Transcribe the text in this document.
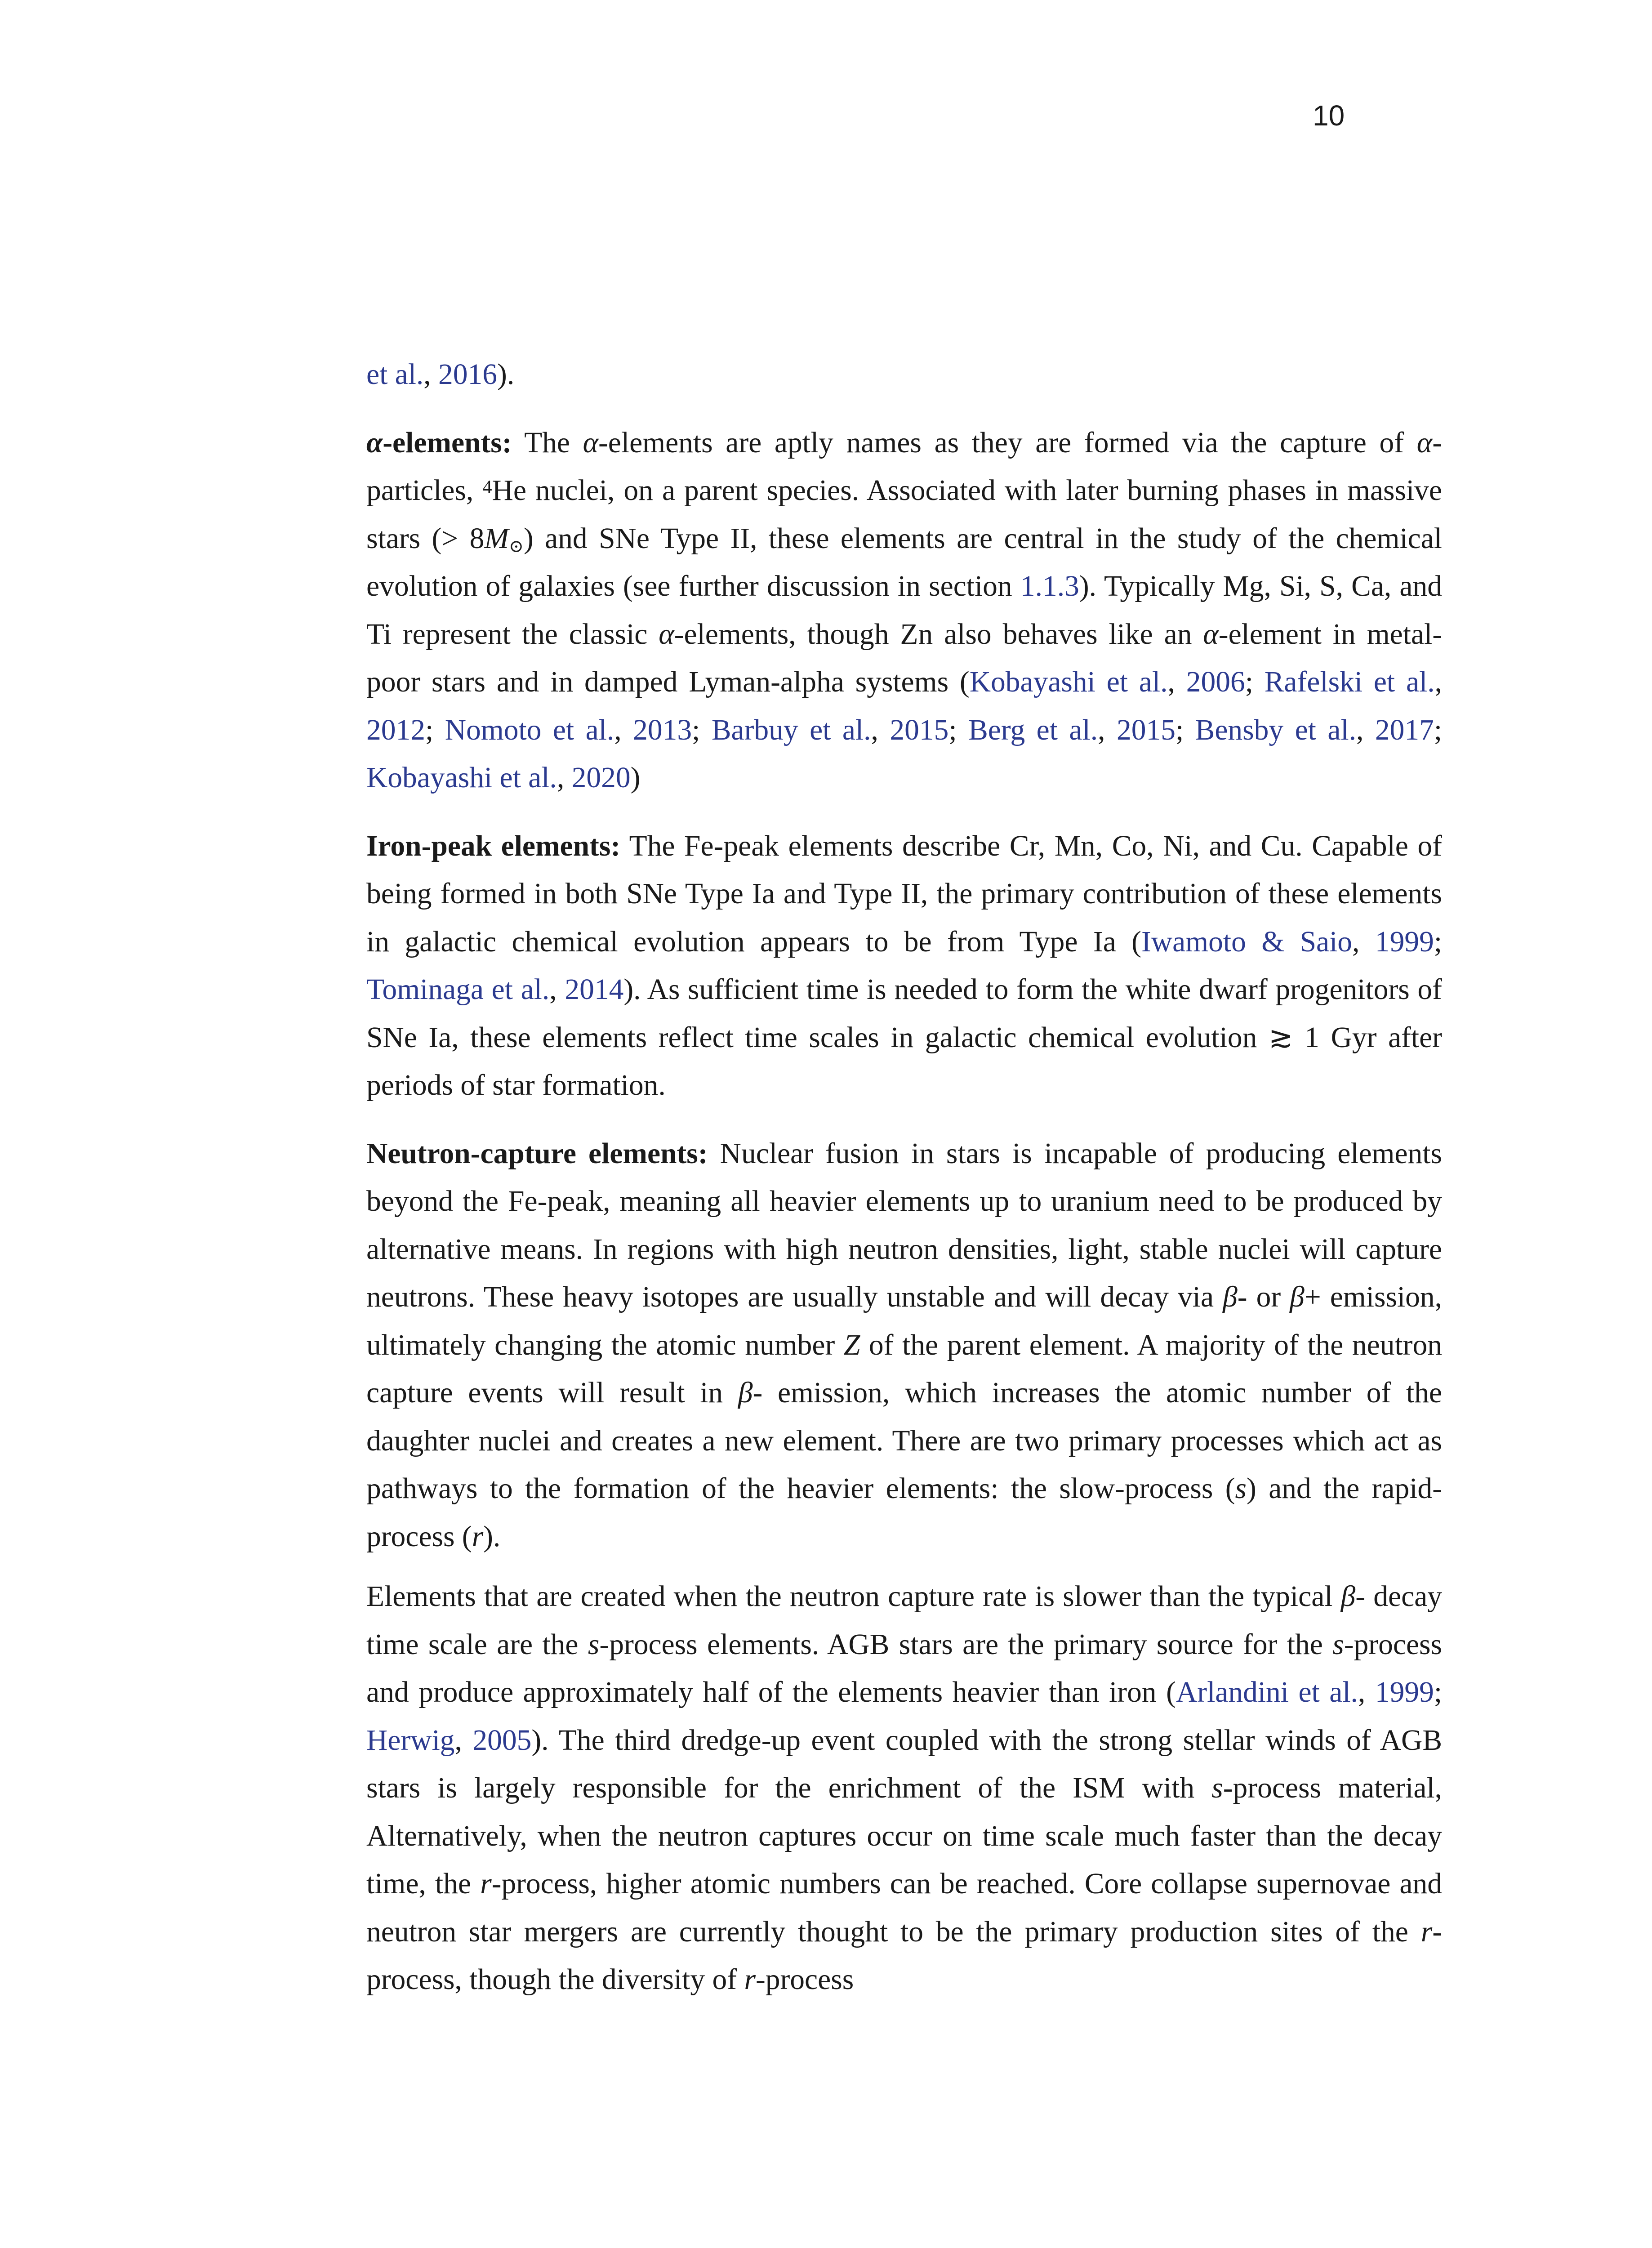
10

et al., 2016).

α-elements: The α-elements are aptly names as they are formed via the capture of α-particles, $^4$He nuclei, on a parent species. Associated with later burning phases in massive stars (> $8M_⊙$) and SNe Type II, these elements are central in the study of the chemical evolution of galaxies (see further discussion in section 1.1.3). Typically Mg, Si, S, Ca, and Ti represent the classic α-elements, though Zn also behaves like an α-element in metal-poor stars and in damped Lyman-alpha systems (Kobayashi et al., 2006; Rafelski et al., 2012; Nomoto et al., 2013; Barbuy et al., 2015; Berg et al., 2015; Bensby et al., 2017; Kobayashi et al., 2020)

Iron-peak elements: The Fe-peak elements describe Cr, Mn, Co, Ni, and Cu. Capable of being formed in both SNe Type Ia and Type II, the primary contribution of these elements in galactic chemical evolution appears to be from Type Ia (Iwamoto & Saio, 1999; Tominaga et al., 2014). As sufficient time is needed to form the white dwarf progenitors of SNe Ia, these elements reflect time scales in galactic chemical evolution ≳ 1 Gyr after periods of star formation.

Neutron-capture elements: Nuclear fusion in stars is incapable of producing elements beyond the Fe-peak, meaning all heavier elements up to uranium need to be produced by alternative means. In regions with high neutron densities, light, stable nuclei will capture neutrons. These heavy isotopes are usually unstable and will decay via β- or β+ emission, ultimately changing the atomic number Z of the parent element. A majority of the neutron capture events will result in β- emission, which increases the atomic number of the daughter nuclei and creates a new element. There are two primary processes which act as pathways to the formation of the heavier elements: the slow-process (s) and the rapid-process (r).

Elements that are created when the neutron capture rate is slower than the typical β- decay time scale are the s-process elements. AGB stars are the primary source for the s-process and produce approximately half of the elements heavier than iron (Arlandini et al., 1999; Herwig, 2005). The third dredge-up event coupled with the strong stellar winds of AGB stars is largely responsible for the enrichment of the ISM with s-process material, Alternatively, when the neutron captures occur on time scale much faster than the decay time, the r-process, higher atomic numbers can be reached. Core collapse supernovae and neutron star mergers are currently thought to be the primary production sites of the r-process, though the diversity of r-process
